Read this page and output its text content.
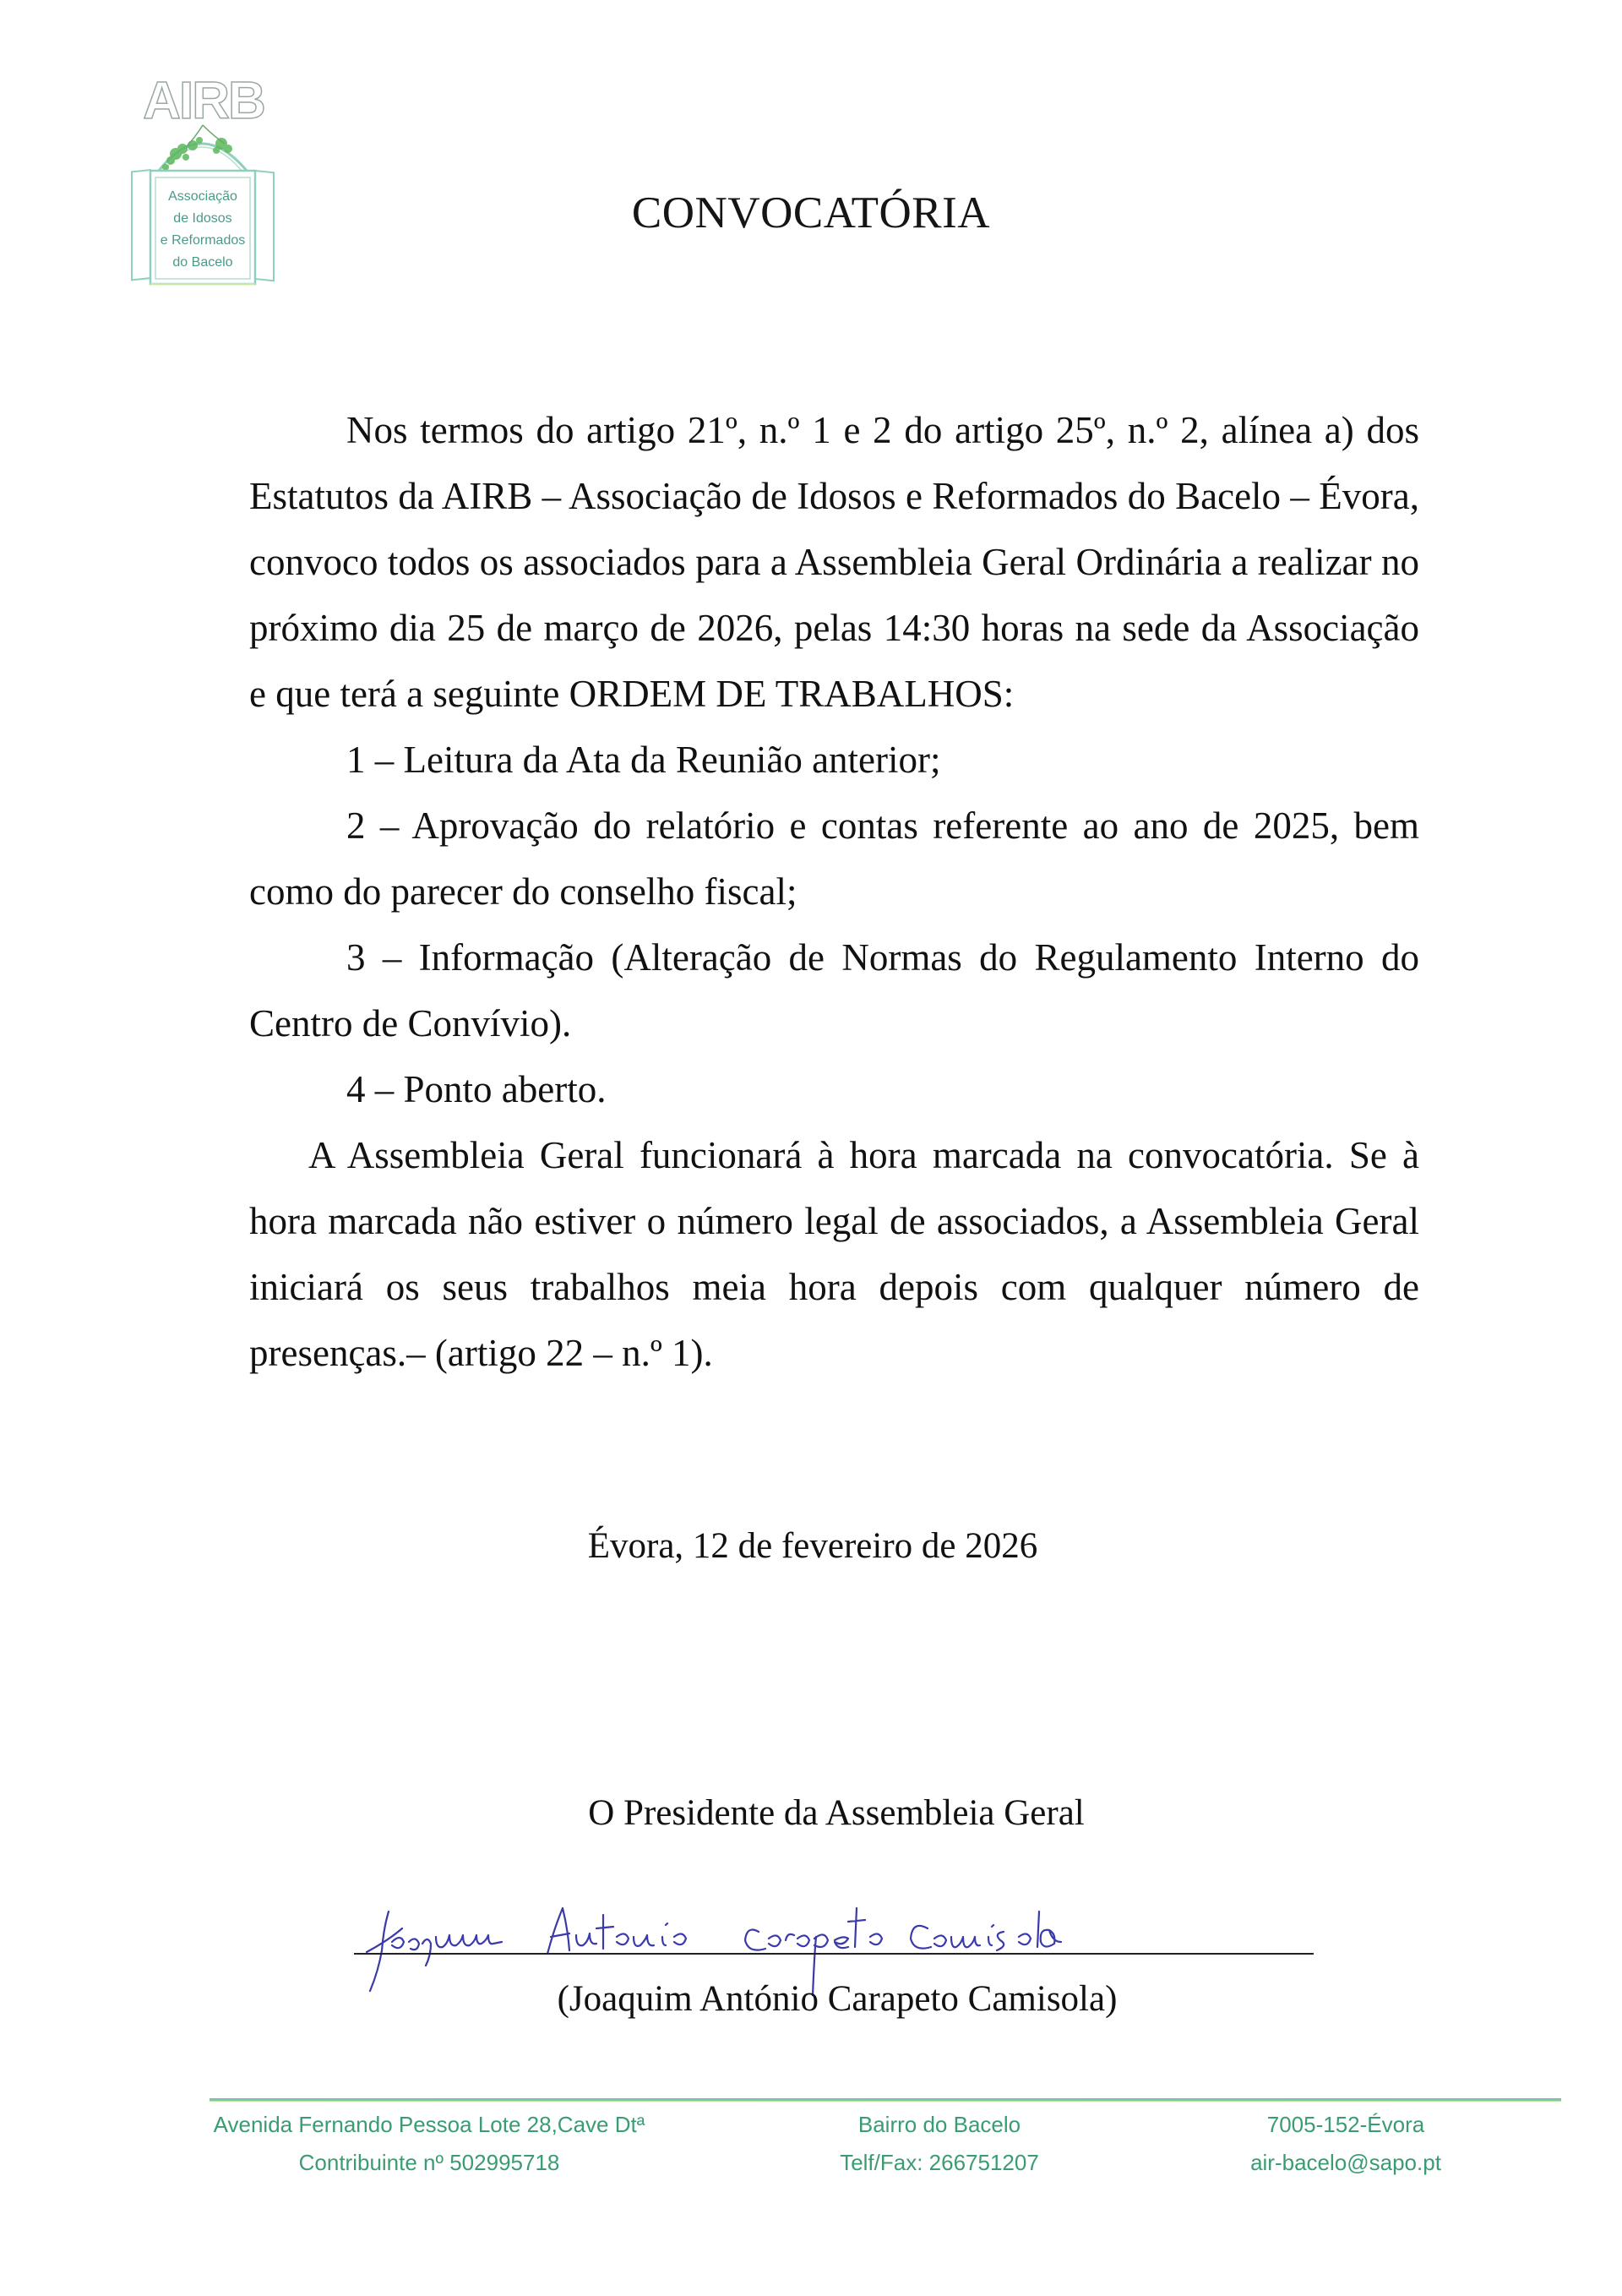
AIRB
Associação
de Idosos
e Reformados
do Bacelo
CONVOCATÓRIA

Nos termos do artigo 21º, n.º 1 e 2 do artigo 25º, n.º 2, alínea a) dos Estatutos da AIRB – Associação de Idosos e Reformados do Bacelo – Évora, convoco todos os associados para a Assembleia Geral Ordinária a realizar no próximo dia 25 de março de 2026, pelas 14:30 horas na sede da Associação e que terá a seguinte ORDEM DE TRABALHOS:

1 – Leitura da Ata da Reunião anterior;

2 – Aprovação do relatório e contas referente ao ano de 2025, bem como do parecer do conselho fiscal;

3 – Informação (Alteração de Normas do Regulamento Interno do Centro de Convívio).

4 – Ponto aberto.

A Assembleia Geral funcionará à hora marcada na convocatória. Se à hora marcada não estiver o número legal de associados, a Assembleia Geral iniciará os seus trabalhos meia hora depois com qualquer número de presenças.– (artigo 22 – n.º 1).

Évora, 12 de fevereiro de 2026
O Presidente da Assembleia Geral
(Joaquim António Carapeto Camisola)
Avenida Fernando Pessoa Lote 28,Cave Dtª
Contribuinte nº 502995718
Bairro do Bacelo
Telf/Fax: 266751207
7005-152-Évora
air-bacelo@sapo.pt
